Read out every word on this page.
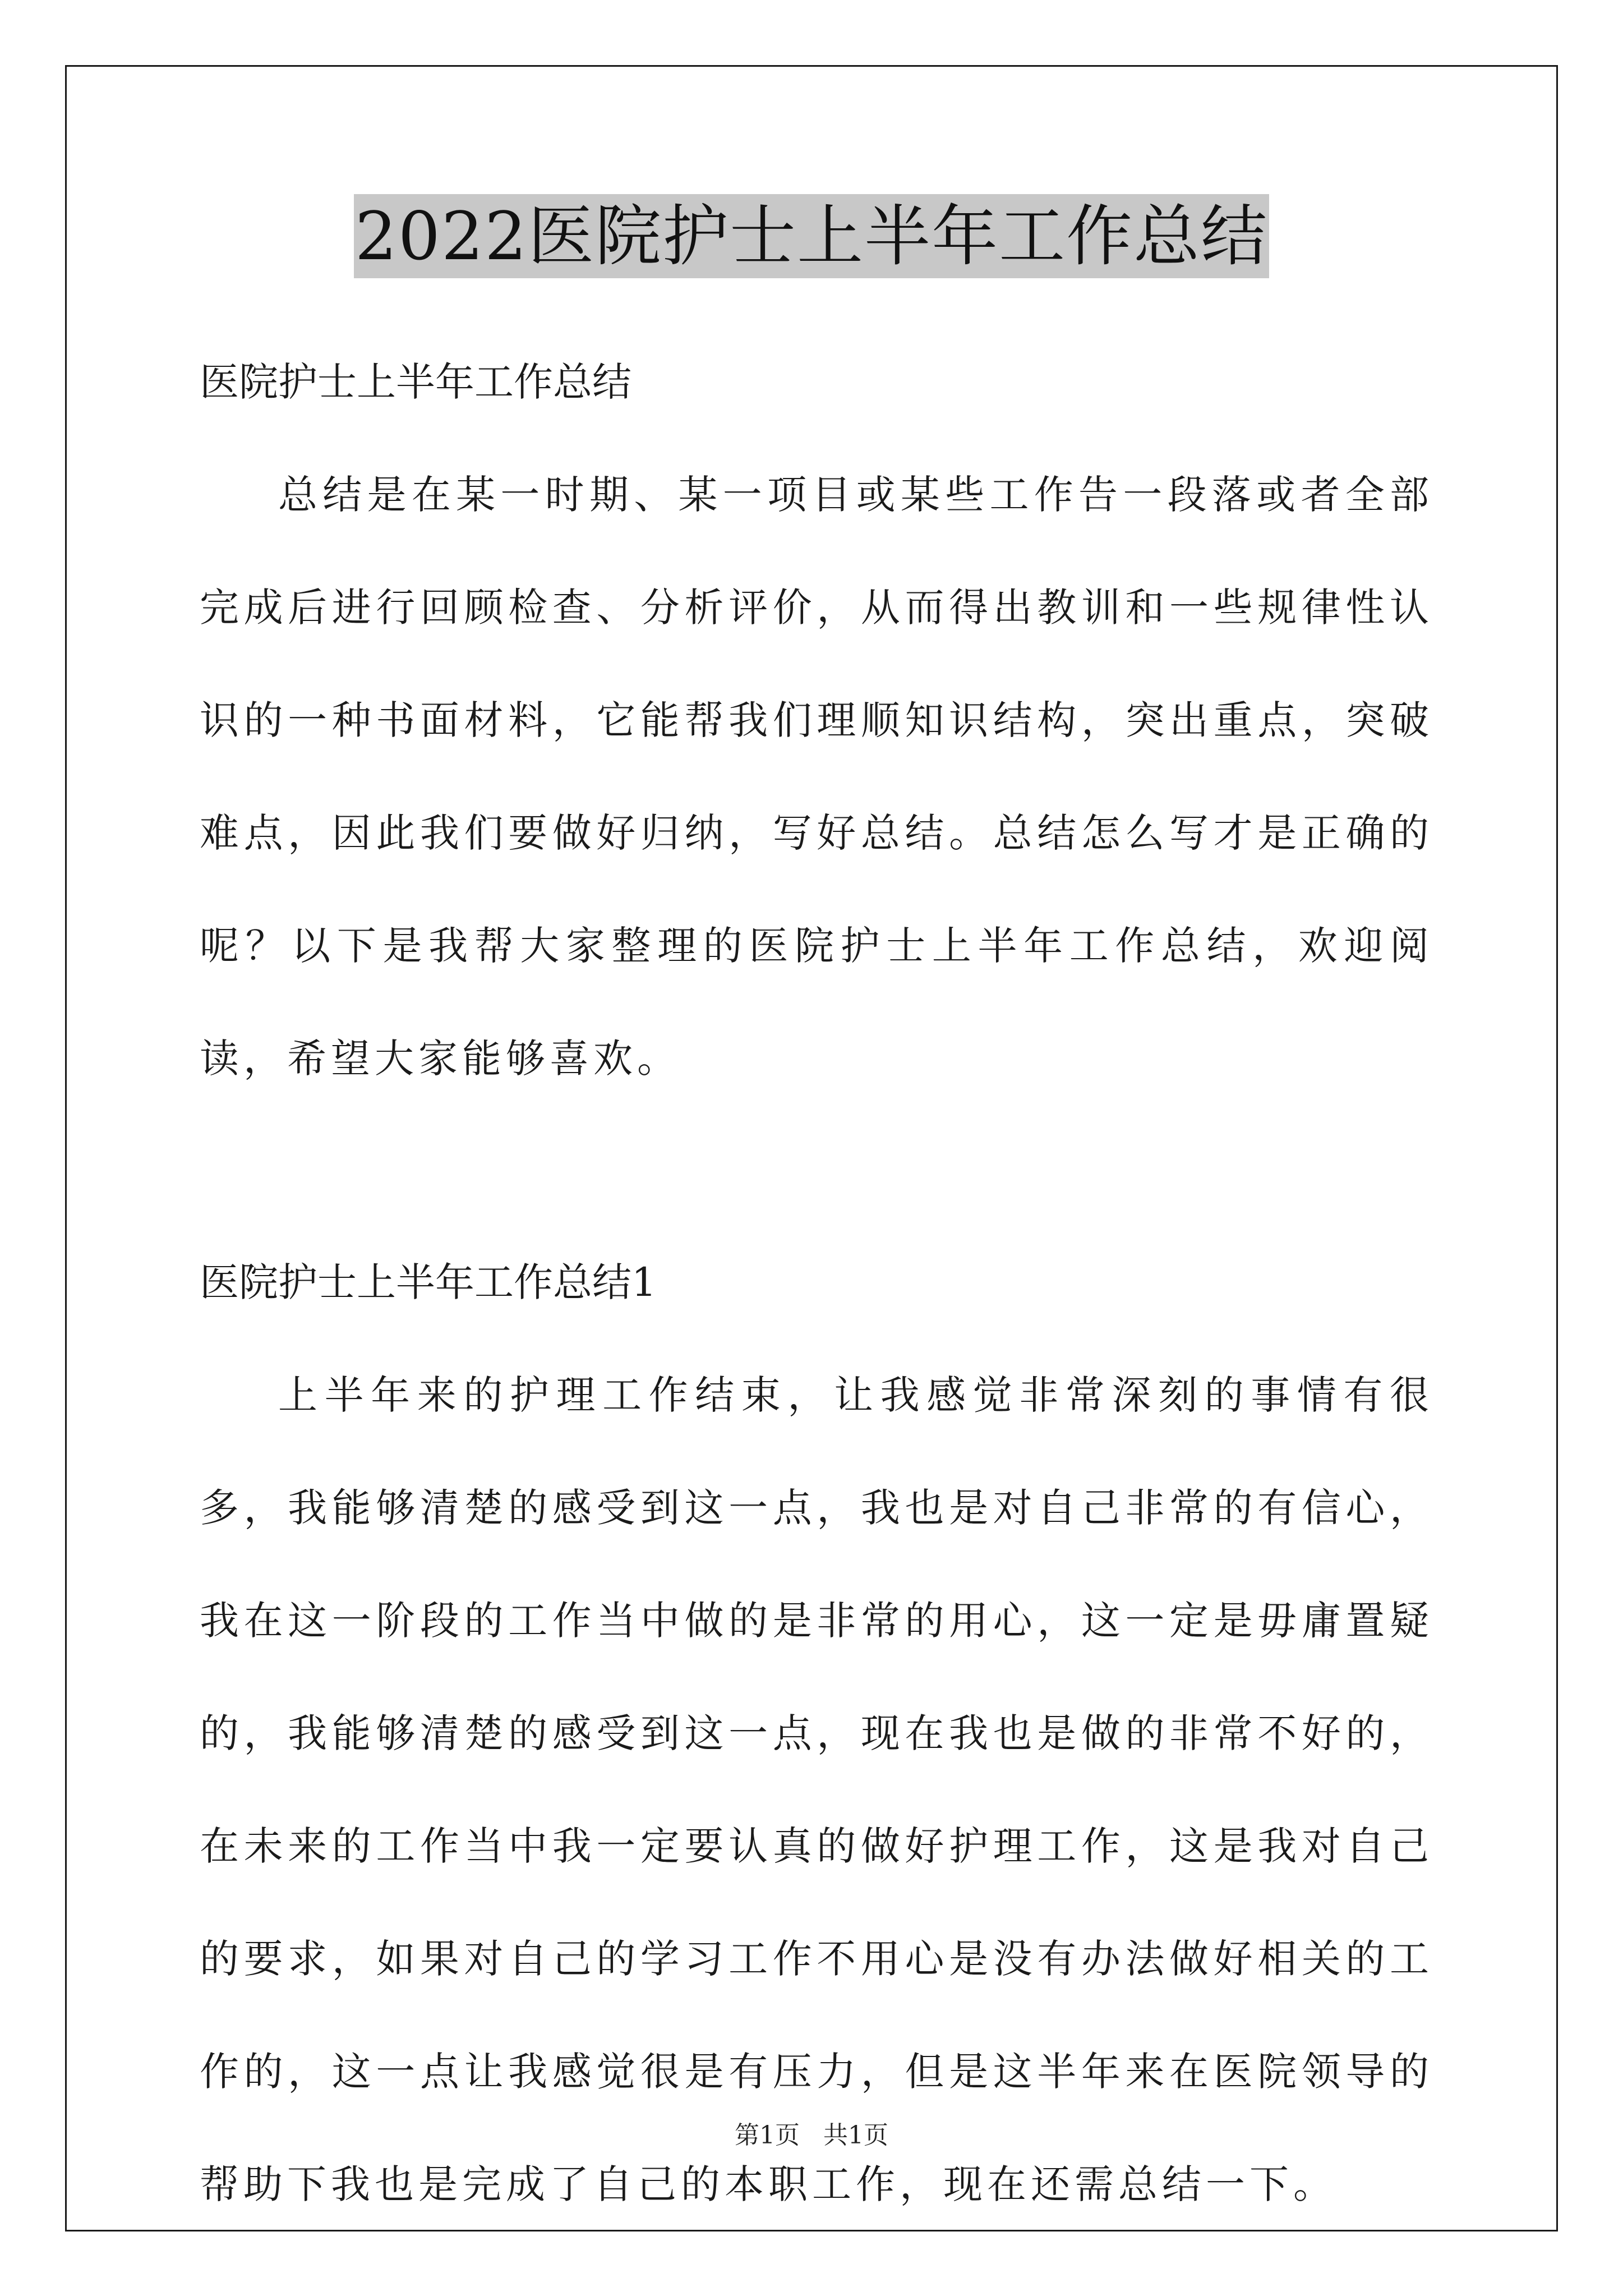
2022医院护士上半年工作总结

医院护士上半年工作总结

总结是在某一时期、某一项目或某些工作告一段落或者全部完成后进行回顾检查、分析评价，从而得出教训和一些规律性认识的一种书面材料，它能帮我们理顺知识结构，突出重点，突破难点，因此我们要做好归纳，写好总结。总结怎么写才是正确的呢？以下是我帮大家整理的医院护士上半年工作总结，欢迎阅读，希望大家能够喜欢。

医院护士上半年工作总结1

上半年来的护理工作结束，让我感觉非常深刻的事情有很多，我能够清楚的感受到这一点，我也是对自己非常的有信心，我在这一阶段的工作当中做的是非常的用心，这一定是毋庸置疑的，我能够清楚的感受到这一点，现在我也是做的非常不好的，在未来的工作当中我一定要认真的做好护理工作，这是我对自己的要求，如果对自己的学习工作不用心是没有办法做好相关的工作的，这一点让我感觉很是有压力，但是这半年来在医院领导的帮助下我也是完成了自己的本职工作，现在还需总结一下。

第1页   共1页
